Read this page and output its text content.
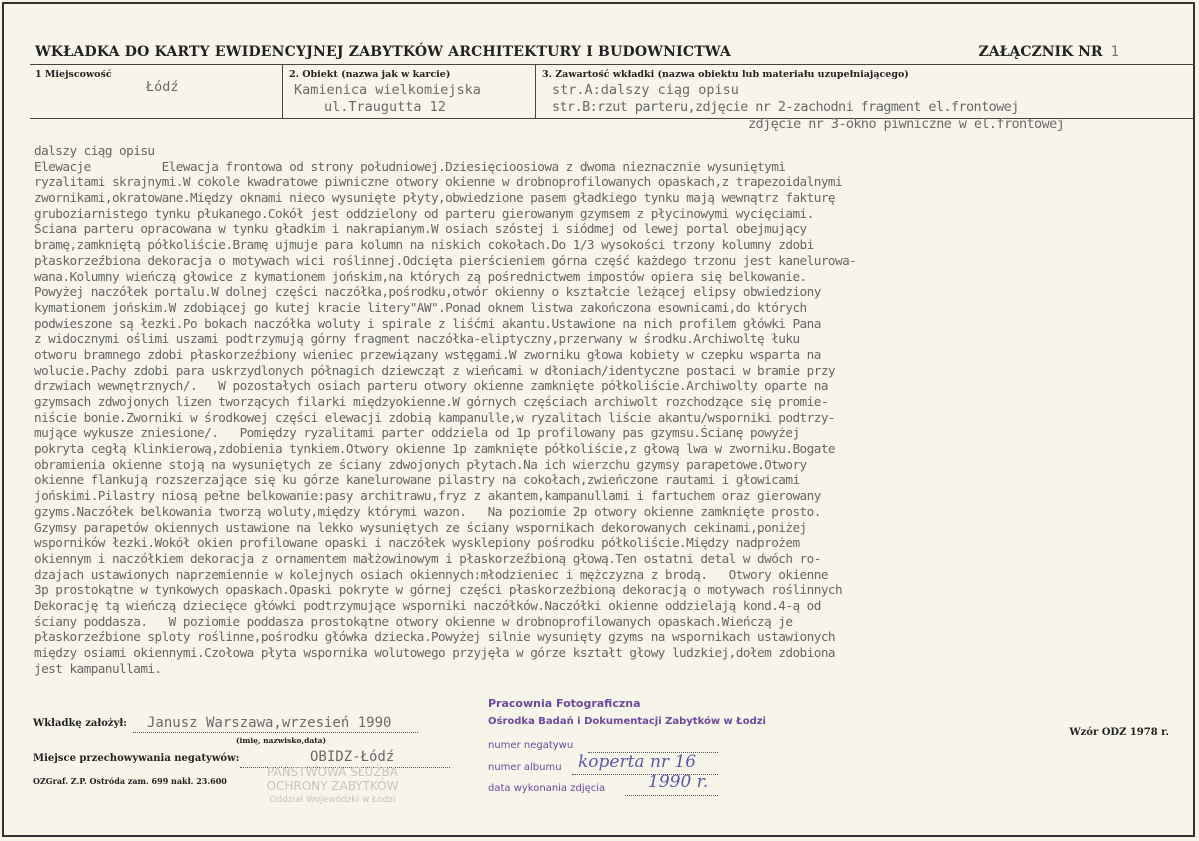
WKŁADKA DO KARTY EWIDENCYJNEJ ZABYTKÓW ARCHITEKTURY I BUDOWNICTWA	ZAŁĄCZNIK NR 1
1 Miejscowość
Łódź
2. Obiekt (nazwa jak w karcie)
Kamienica wielkomiejska
ul.Traugutta 12
3. Zawartość wkładki (nazwa obiektu lub materiału uzupełniającego)
str.A:dalszy ciąg opisu
str.B:rzut parteru,zdjęcie nr 2-zachodni fragment el.frontowej
zdjęcie nr 3-okno piwniczne w el.frontowej
dalszy ciąg opisu
Elewacje          Elewacja frontowa od strony południowej.Dziesięcioosiowa z dwoma nieznacznie wysuniętymi
ryzalitami skrajnymi.W cokole kwadratowe piwniczne otwory okienne w drobnoprofilowanych opaskach,z trapezoidalnymi
zwornikami,okratowane.Między oknami nieco wysunięte płyty,obwiedzione pasem gładkiego tynku mają wewnątrz fakturę
gruboziarnistego tynku płukanego.Cokół jest oddzielony od parteru gierowanym gzymsem z płycinowymi wycięciami.
Ściana parteru opracowana w tynku gładkim i nakrapianym.W osiach szóstej i siódmej od lewej portal obejmujący
bramę,zamkniętą półkoliście.Bramę ujmuje para kolumn na niskich cokołach.Do 1/3 wysokości trzony kolumny zdobi
płaskorzeźbiona dekoracja o motywach wici roślinnej.Odcięta pierścieniem górna część każdego trzonu jest kanelurowa-
wana.Kolumny wieńczą głowice z kymationem jońskim,na których zą pośrednictwem impostów opiera się belkowanie.
Powyżej naczółek portalu.W dolnej części naczółka,pośrodku,otwór okienny o kształcie leżącej elipsy obwiedziony
kymationem jońskim.W zdobiącej go kutej kracie litery"AW".Ponad oknem listwa zakończona esownicami,do których
podwieszone są łezki.Po bokach naczółka woluty i spirale z liśćmi akantu.Ustawione na nich profilem główki Pana
z widocznymi oślimi uszami podtrzymują górny fragment naczółka-eliptyczny,przerwany w środku.Archiwoltę łuku
otworu bramnego zdobi płaskorzeźbiony wieniec przewiązany wstęgami.W zworniku głowa kobiety w czepku wsparta na
wolucie.Pachy zdobi para uskrzydlonych półnagich dziewcząt z wieńcami w dłoniach/identyczne postaci w bramie przy
drzwiach wewnętrznych/.   W pozostałych osiach parteru otwory okienne zamknięte półkoliście.Archiwolty oparte na
gzymsach zdwojonych lizen tworzących filarki międzyokienne.W górnych częściach archiwolt rozchodzące się promie-
niście bonie.Zworniki w środkowej części elewacji zdobią kampanulle,w ryzalitach liście akantu/wsporniki podtrzy-
mujące wykusze zniesione/.   Pomiędzy ryzalitami parter oddziela od 1p profilowany pas gzymsu.Ścianę powyżej
pokryta cegłą klinkierową,zdobienia tynkiem.Otwory okienne 1p zamknięte półkoliście,z głową lwa w zworniku.Bogate
obramienia okienne stoją na wysuniętych ze ściany zdwojonych płytach.Na ich wierzchu gzymsy parapetowe.Otwory
okienne flankują rozszerzające się ku górze kanelurowane pilastry na cokołach,zwieńczone rautami i głowicami
jońskimi.Pilastry niosą pełne belkowanie:pasy architrawu,fryz z akantem,kampanullami i fartuchem oraz gierowany
gzyms.Naczółek belkowania tworzą woluty,między którymi wazon.   Na poziomie 2p otwory okienne zamknięte prosto.
Gzymsy parapetów okiennych ustawione na lekko wysuniętych ze ściany wspornikach dekorowanych cekinami,poniżej
wsporników łezki.Wokół okien profilowane opaski i naczółek wysklepiony pośrodku półkoliście.Między nadprożem
okiennym i naczółkiem dekoracja z ornamentem małżowinowym i płaskorzeźbioną głową.Ten ostatni detal w dwóch ro-
dzajach ustawionych naprzemiennie w kolejnych osiach okiennych:młodzieniec i mężczyzna z brodą.   Otwory okienne
3p prostokątne w tynkowych opaskach.Opaski pokryte w górnej części płaskorzeźbioną dekoracją o motywach roślinnych
Dekorację tą wieńczą dziecięce główki podtrzymujące wsporniki naczółków.Naczółki okienne oddzielają kond.4-ą od
ściany poddasza.   W poziomie poddasza prostokątne otwory okienne w drobnoprofilowanych opaskach.Wieńczą je
płaskorzeźbione sploty roślinne,pośrodku główka dziecka.Powyżej silnie wysunięty gzyms na wspornikach ustawionych
między osiami okiennymi.Czołowa płyta wspornika wolutowego przyjęła w górze kształt głowy ludzkiej,dołem zdobiona
jest kampanullami.
Wkładkę założył: Janusz Warszawa,wrzesień 1990
(imię, nazwisko,data)
Miejsce przechowywania negatywów:	OBIDZ-Łódź
OZGraf. Z.P. Ostróda zam. 699 nakł. 23.600
PAŃSTWOWA SŁUŻBA
OCHRONY ZABYTKÓW
Oddział Wojewódzki w Łodzi
Pracownia Fotograficzna
Ośrodka Badań i Dokumentacji Zabytków w Łodzi
numer negatywu
numer albumu koperta nr 16
data wykonania zdjęcia	1990 r.
Wzór ODZ 1978 r.
